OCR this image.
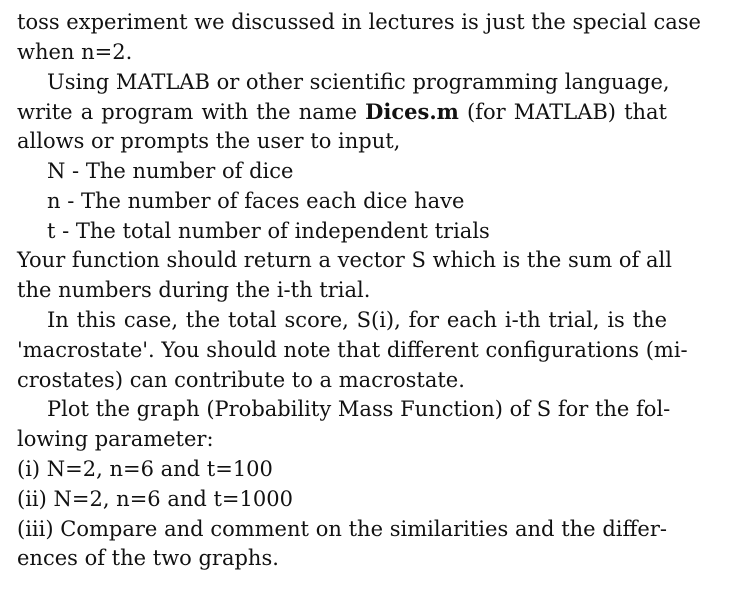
toss experiment we discussed in lectures is just the special case
when n=2.
Using MATLAB or other scientific programming language,
write a program with the name Dices.m (for MATLAB) that
allows or prompts the user to input,
N - The number of dice
n - The number of faces each dice have
t - The total number of independent trials
Your function should return a vector S which is the sum of all
the numbers during the i-th trial.
In this case, the total score, S(i), for each i-th trial, is the
'macrostate'. You should note that different configurations (mi-
crostates) can contribute to a macrostate.
Plot the graph (Probability Mass Function) of S for the fol-
lowing parameter:
(i) N=2, n=6 and t=100
(ii) N=2, n=6 and t=1000
(iii) Compare and comment on the similarities and the differ-
ences of the two graphs.
